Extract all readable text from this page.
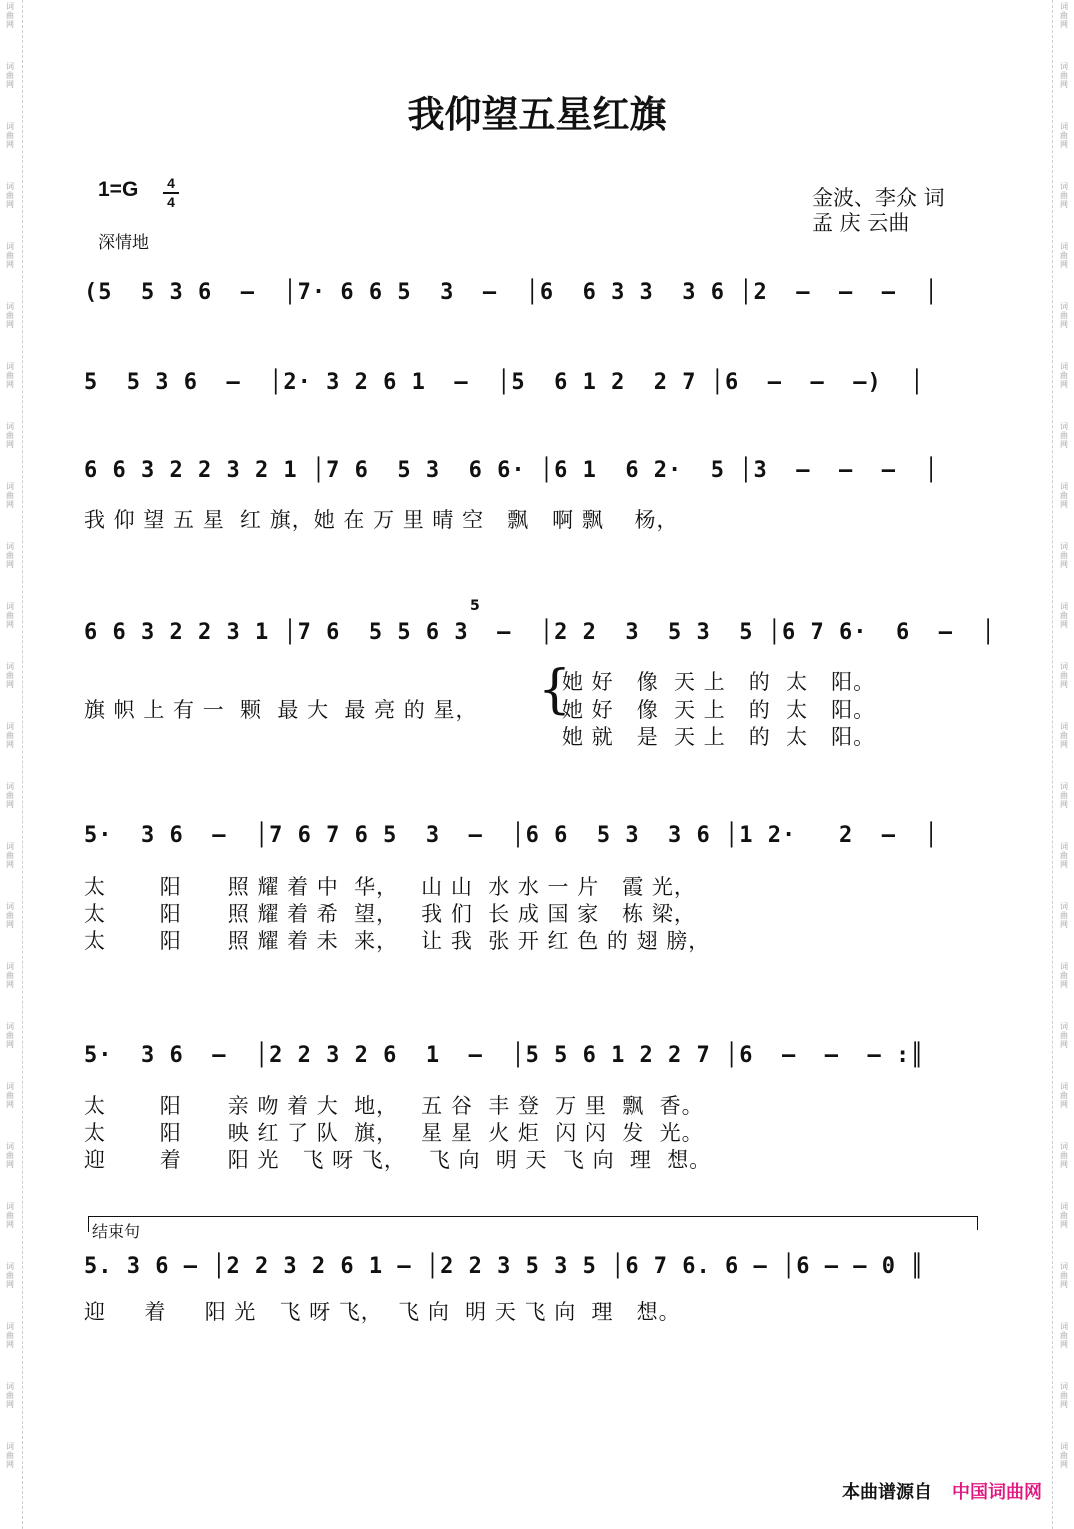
词
曲
网
词
曲
网
词
曲
网
词
曲
网
词
曲
网
词
曲
网
词
曲
网
词
曲
网
词
曲
网
词
曲
网
词
曲
网
词
曲
网
词
曲
网
词
曲
网
词
曲
网
词
曲
网
词
曲
网
词
曲
网
词
曲
网
词
曲
网
词
曲
网
词
曲
网
词
曲
网
词
曲
网
词
曲
网
词
曲
网
词
曲
网
词
曲
网
词
曲
网
词
曲
网
词
曲
网
词
曲
网
词
曲
网
词
曲
网
词
曲
网
词
曲
网
词
曲
网
词
曲
网
词
曲
网
词
曲
网
词
曲
网
词
曲
网
词
曲
网
词
曲
网
词
曲
网
词
曲
网
词
曲
网
词
曲
网
词
曲
网
词
曲
网
我仰望五星红旗
1=G 4
4
深情地
金波、李众 词
孟 庆 云曲
(5  5 3 6  –  │7· 6 6 5  3  –  │6  6 3 3  3 6 │2  –  –  –  │
5  5 3 6  –  │2· 3 2 6 1  –  │5  6 1 2  2 7 │6  –  –  –)  │
6 6 3 2 2 3 2 1 │7 6  5 3  6 6· │6 1  6 2·  5 │3  –  –  –  │
我 仰 望 五 星  红 旗，她 在 万 里 晴 空   飘   啊 飘    杨，
5
6 6 3 2 2 3 1 │7 6  5 5 6 3  –  │2 2  3  5 3  5 │6 7 6·  6  –  │
旗 帜 上 有 一  颗  最 大  最 亮 的 星，	{
她 好   像  天 上   的  太   阳。
她 好   像  天 上   的  太   阳。
她 就   是  天 上   的  太   阳。
5·  3 6  –  │7 6 7 6 5  3  –  │6 6  5 3  3 6 │1 2·   2  –  │
太       阳      照 耀 着 中  华，   山 山  水 水 一 片   霞 光，
太       阳      照 耀 着 希  望，   我 们  长 成 国 家   栋 梁，
太       阳      照 耀 着 未  来，   让 我  张 开 红 色 的 翅 膀，
5·  3 6  –  │2 2 3 2 6  1  –  │5 5 6 1 2 2 7 │6  –  –  – :║
太       阳      亲 吻 着 大  地，   五 谷  丰 登  万 里  飘  香。
太       阳      映 红 了 队  旗，   星 星  火 炬  闪 闪  发  光。
迎       着      阳 光   飞 呀 飞，   飞 向  明 天  飞 向  理  想。
结束句
5. 3 6 – │2 2 3 2 6 1 – │2 2 3 5 3 5 │6 7 6. 6 – │6 – – 0 ║
迎     着     阳 光   飞 呀 飞，  飞 向  明 天 飞 向  理   想。
本曲谱源自 中国词曲网
